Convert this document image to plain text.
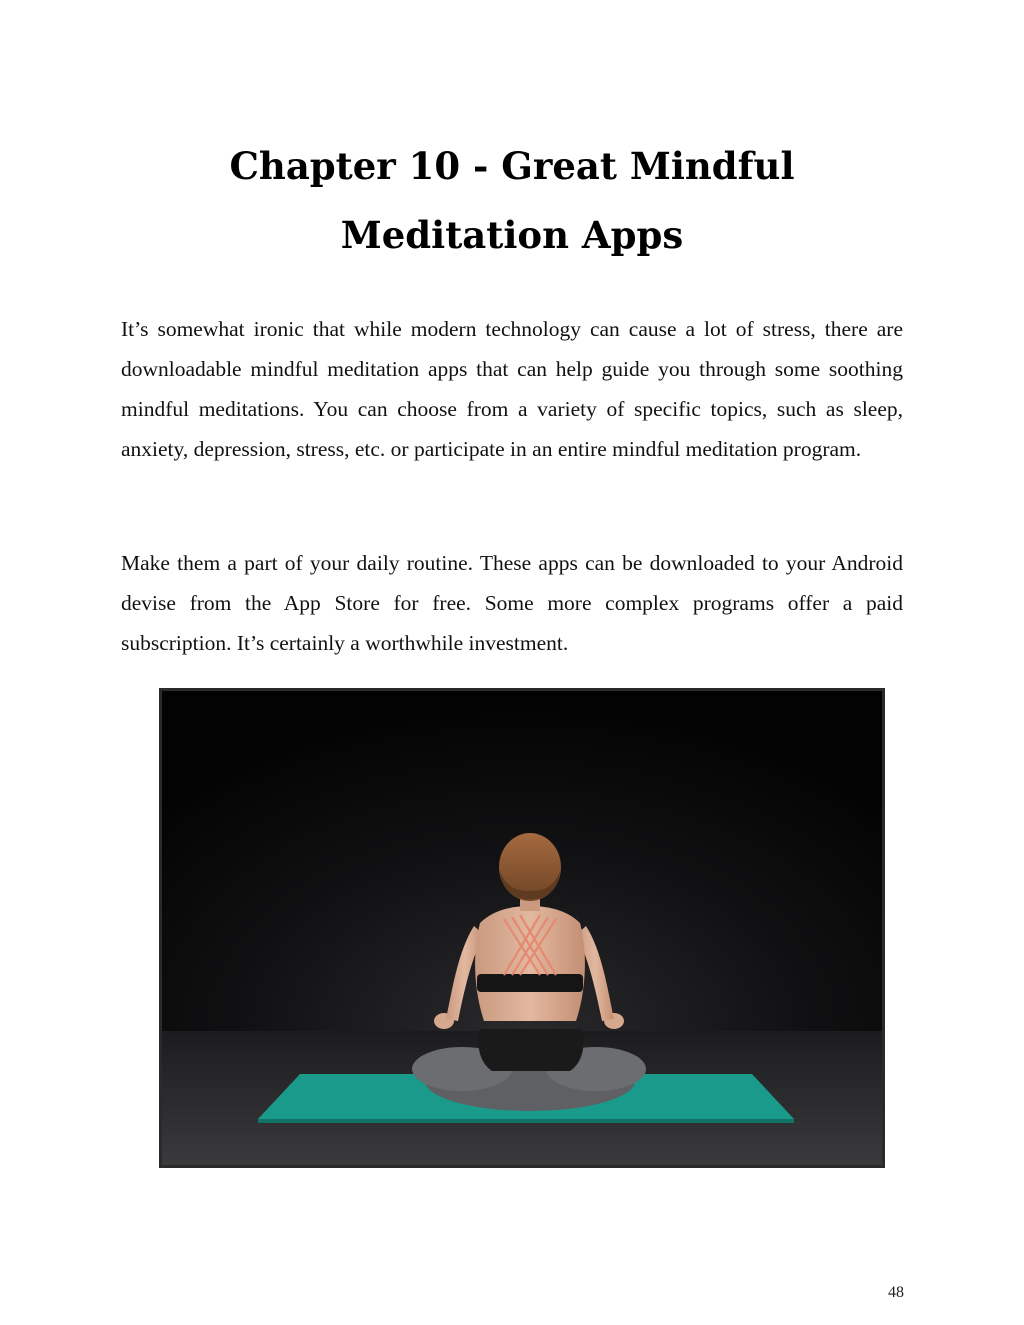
Chapter 10 - Great Mindful
Meditation Apps

It’s somewhat ironic that while modern technology can cause a lot of stress, there are downloadable mindful meditation apps that can help guide you through some soothing mindful meditations. You can choose from a variety of specific topics, such as sleep, anxiety, depression, stress, etc. or participate in an entire mindful meditation program.

Make them a part of your daily routine. These apps can be downloaded to your Android devise from the App Store for free. Some more complex programs offer a paid subscription. It’s certainly a worthwhile investment.

48
